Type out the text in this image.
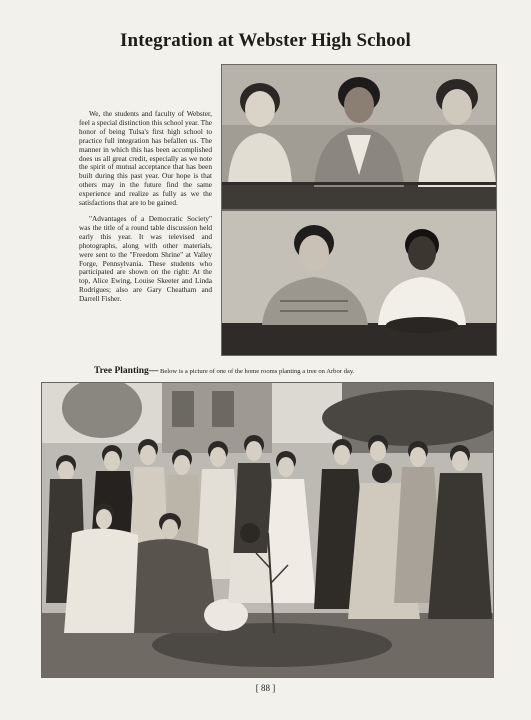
Integration at Webster High School

We, the students and faculty of Webster, feel a special distinction this school year. The honor of being Tulsa's first high school to practice full integration has befallen us. The manner in which this has been accomplished does us all great credit, especially as we note the spirit of mutual acceptance that has been built during this past year. Our hope is that others may in the future find the same experience and realize as fully as we the satisfactions that are to be gained.

"Advantages of a Democratic Society" was the title of a round table discussion held early this year. It was televised and photographs, along with other materials, were sent to the "Freedom Shrine" at Valley Forge, Pennsylvania. These students who participated are shown on the right: At the top, Alice Ewing, Louise Skeeter and Linda Rodrigues; also are Gary Cheatham and Darrell Fisher.

Tree Planting— Below is a picture of one of the home rooms planting a tree on Arbor day.
[ 88 ]
